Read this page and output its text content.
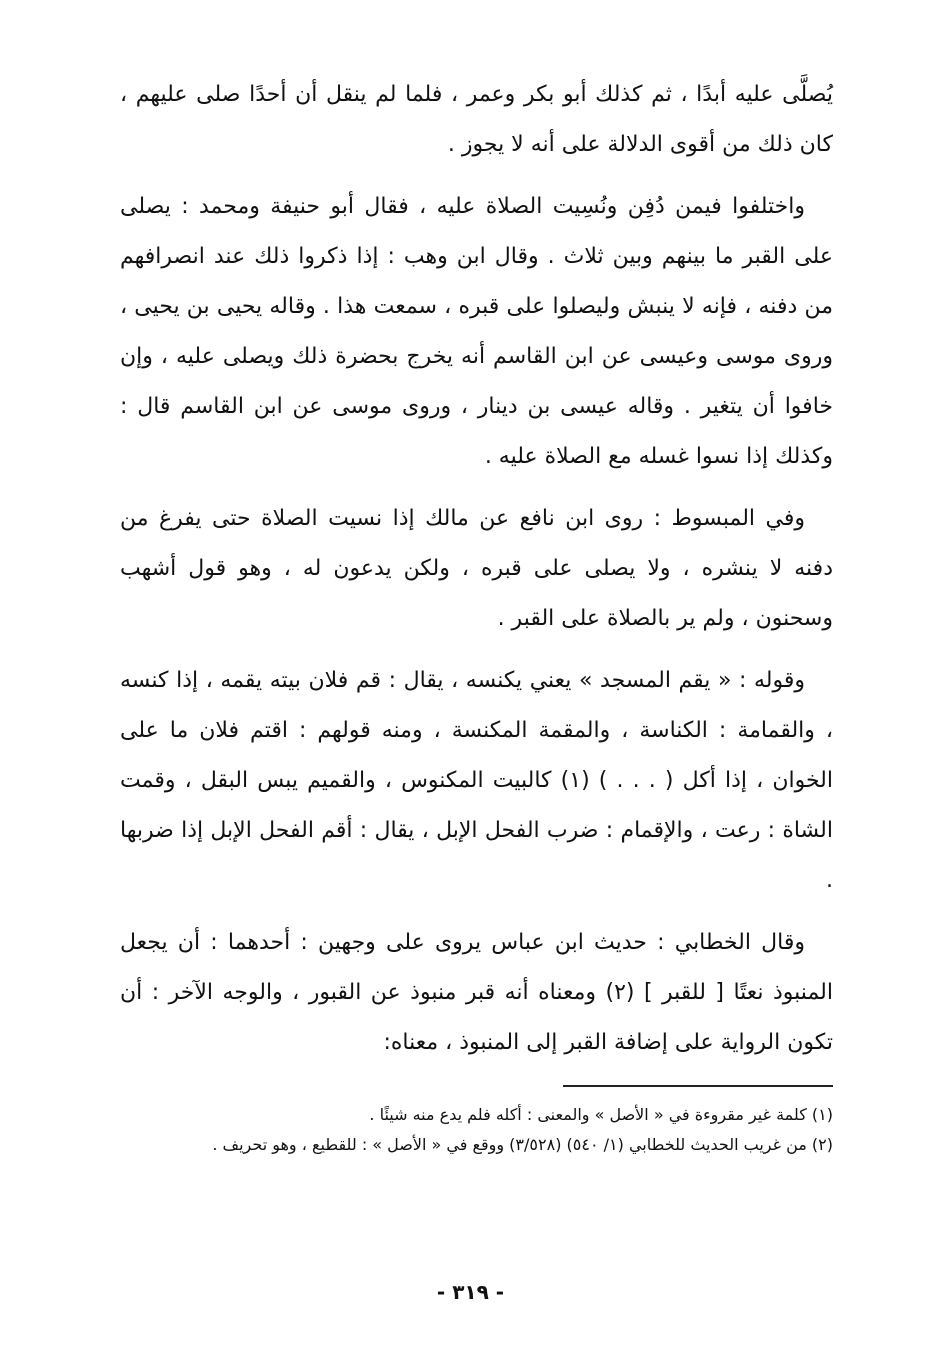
يُصلَّى عليه أبدًا ، ثم كذلك أبو بكر وعمر ، فلما لم ينقل أن أحدًا صلى عليهم ، كان ذلك من أقوى الدلالة على أنه لا يجوز .

واختلفوا فيمن دُفِن ونُسِيت الصلاة عليه ، فقال أبو حنيفة ومحمد : يصلى على القبر ما بينهم وبين ثلاث . وقال ابن وهب : إذا ذكروا ذلك عند انصرافهم من دفنه ، فإنه لا ينبش وليصلوا على قبره ، سمعت هذا . وقاله يحيى بن يحيى ، وروى موسى وعيسى عن ابن القاسم أنه يخرج بحضرة ذلك ويصلى عليه ، وإن خافوا أن يتغير . وقاله عيسى بن دينار ، وروى موسى عن ابن القاسم قال : وكذلك إذا نسوا غسله مع الصلاة عليه .

وفي المبسوط : روى ابن نافع عن مالك إذا نسيت الصلاة حتى يفرغ من دفنه لا ينشره ، ولا يصلى على قبره ، ولكن يدعون له ، وهو قول أشهب وسحنون ، ولم ير بالصلاة على القبر .

وقوله : « يقم المسجد » يعني يكنسه ، يقال : قم فلان بيته يقمه ، إذا كنسه ، والقمامة : الكناسة ، والمقمة المكنسة ، ومنه قولهم : اقتم فلان ما على الخوان ، إذا أكل ( . . . ) (١) كالبيت المكنوس ، والقميم يبس البقل ، وقمت الشاة : رعت ، والإقمام : ضرب الفحل الإبل ، يقال : أقم الفحل الإبل إذا ضربها .

وقال الخطابي : حديث ابن عباس يروى على وجهين : أحدهما : أن يجعل المنبوذ نعتًا [ للقبر ] (٢) ومعناه أنه قبر منبوذ عن القبور ، والوجه الآخر : أن تكون الرواية على إضافة القبر إلى المنبوذ ، معناه:

(١) كلمة غير مقروءة في « الأصل » والمعنى : أكله فلم يدع منه شيئًا .

(٢) من غريب الحديث للخطابي (١/ ٥٤٠) (٣/٥٢٨) ووقع في « الأصل » : للقطيع ، وهو تحريف .

- ٣١٩ -
